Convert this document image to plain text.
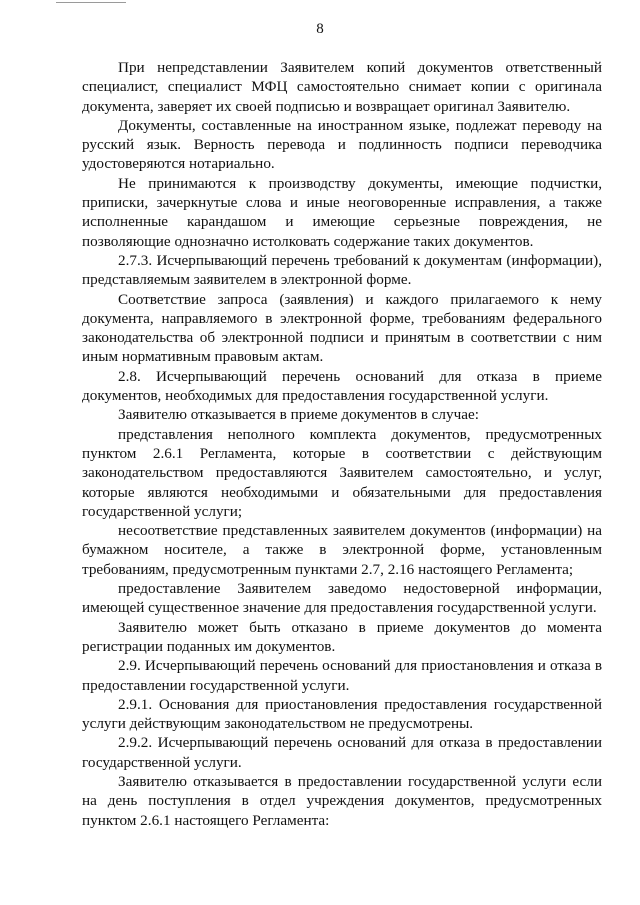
8

При непредставлении Заявителем копий документов ответственный специалист, специалист МФЦ самостоятельно снимает копии с оригинала документа, заверяет их своей подписью и возвращает оригинал Заявителю.

Документы, составленные на иностранном языке, подлежат переводу на русский язык. Верность перевода и подлинность подписи переводчика удостоверяются нотариально.

Не принимаются к производству документы, имеющие подчистки, приписки, зачеркнутые слова и иные неоговоренные исправления, а также исполненные карандашом и имеющие серьезные повреждения, не позволяющие однозначно истолковать содержание таких документов.

2.7.3. Исчерпывающий перечень требований к документам (информации), представляемым заявителем в электронной форме.

Соответствие запроса (заявления) и каждого прилагаемого к нему документа, направляемого в электронной форме, требованиям федерального законодательства об электронной подписи и принятым в соответствии с ним иным нормативным правовым актам.

2.8. Исчерпывающий перечень оснований для отказа в приеме документов, необходимых для предоставления государственной услуги.

Заявителю отказывается в приеме документов в случае:

представления неполного комплекта документов, предусмотренных пунктом 2.6.1 Регламента, которые в соответствии с действующим законодательством предоставляются Заявителем самостоятельно, и услуг, которые являются необходимыми и обязательными для предоставления государственной услуги;

несоответствие представленных заявителем документов (информации) на бумажном носителе, а также в электронной форме, установленным требованиям, предусмотренным пунктами 2.7, 2.16 настоящего Регламента;

предоставление Заявителем заведомо недостоверной информации, имеющей существенное значение для предоставления государственной услуги.

Заявителю может быть отказано в приеме документов до момента регистрации поданных им документов.

2.9. Исчерпывающий перечень оснований для приостановления и отказа в предоставлении государственной услуги.

2.9.1. Основания для приостановления предоставления государственной услуги действующим законодательством не предусмотрены.

2.9.2. Исчерпывающий перечень оснований для отказа в предоставлении государственной услуги.

Заявителю отказывается в предоставлении государственной услуги если на день поступления в отдел учреждения документов, предусмотренных пунктом 2.6.1 настоящего Регламента:
